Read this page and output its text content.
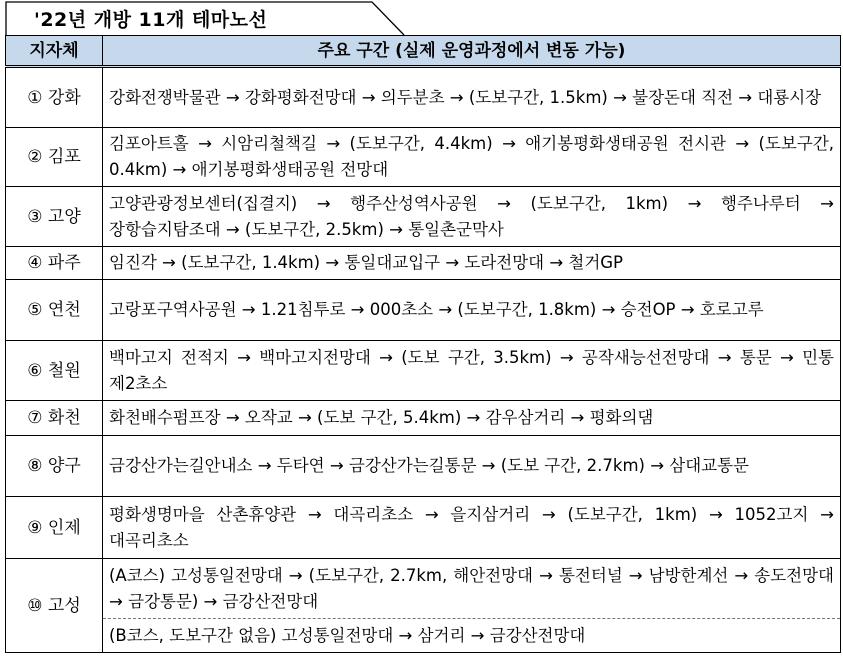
'22년 개방 11개 테마노선
지자체	주요 구간 (실제 운영과정에서 변동 가능)
① 강화	강화전쟁박물관 → 강화평화전망대 → 의두분초 → (도보구간, 1.5km) → 불장돈대 직전 → 대룡시장
② 김포	김포아트홀 → 시암리철책길 → (도보구간, 4.4km) → 애기봉평화생태공원 전시관 → (도보구간, 0.4km) → 애기봉평화생태공원 전망대
③ 고양	고양관광정보센터(집결지) → 행주산성역사공원 → (도보구간, 1km) → 행주나루터 → 장항습지탐조대 → (도보구간, 2.5km) → 통일촌군막사
④ 파주	임진각 → (도보구간, 1.4km) → 통일대교입구 → 도라전망대 → 철거GP
⑤ 연천	고랑포구역사공원 → 1.21침투로 → 000초소 → (도보구간, 1.8km) → 승전OP → 호로고루
⑥ 철원	백마고지 전적지 → 백마고지전망대 → (도보 구간, 3.5km) → 공작새능선전망대 → 통문 → 민통 제2초소
⑦ 화천	화천배수펌프장 → 오작교 → (도보 구간, 5.4km) → 감우삼거리 → 평화의댐
⑧ 양구	금강산가는길안내소 → 두타연 → 금강산가는길통문 → (도보 구간, 2.7km) → 삼대교통문
⑨ 인제	평화생명마을 산촌휴양관 → 대곡리초소 → 을지삼거리 → (도보구간, 1km) → 1052고지 → 대곡리초소
⑩ 고성	(A코스) 고성통일전망대 → (도보구간, 2.7km, 해안전망대 → 통전터널 → 남방한계선 → 송도전망대 → 금강통문) → 금강산전망대
	(B코스, 도보구간 없음) 고성통일전망대 → 삼거리 → 금강산전망대
